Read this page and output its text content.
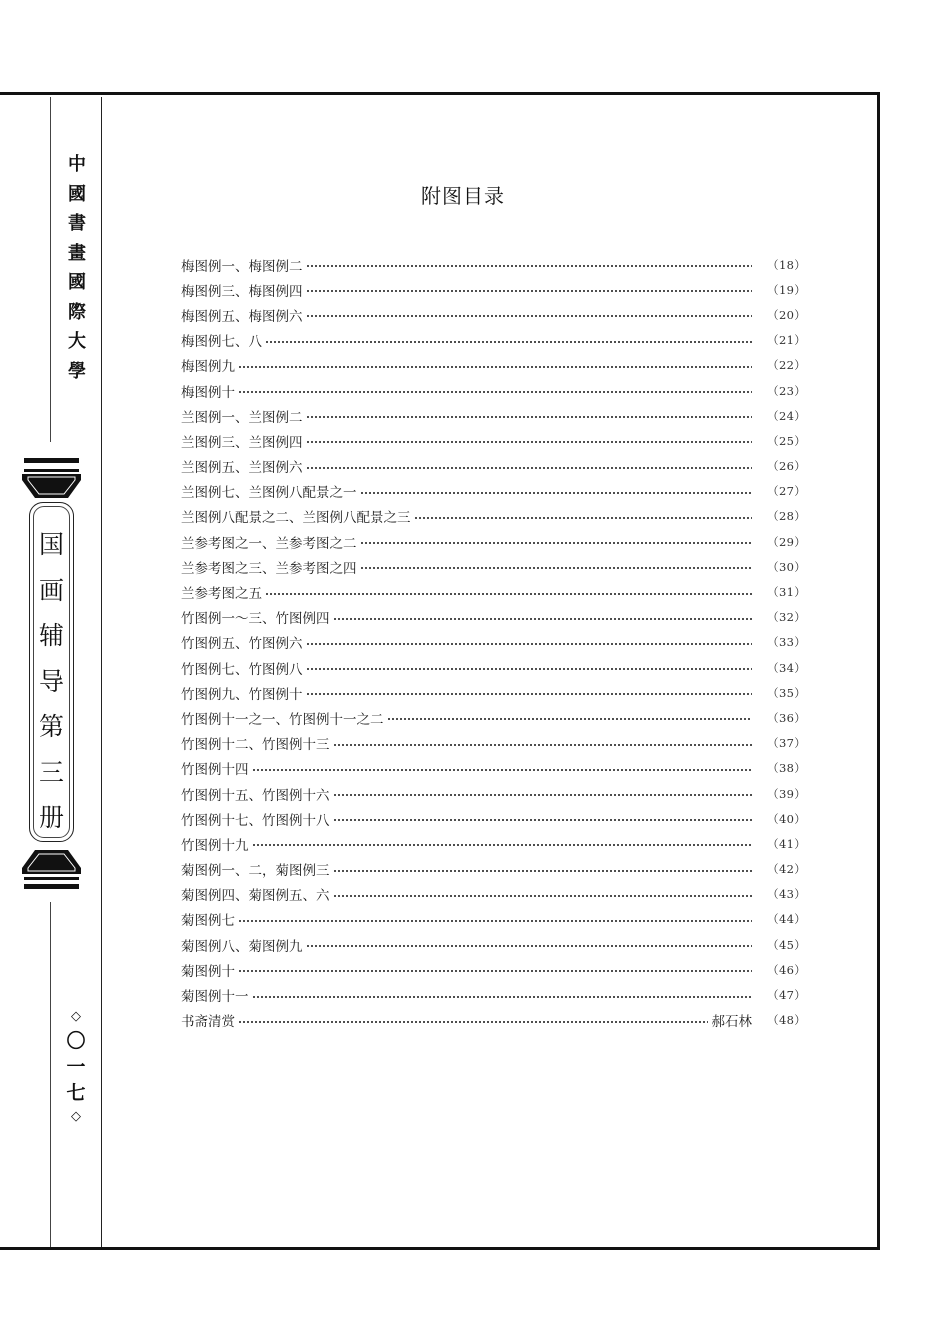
中
國
書
畫
國
際
大
學
国
画
辅
导
第
三
册
◇
〇
一
七
◇
附图目录
梅图例一、梅图例二	（18）
梅图例三、梅图例四	（19）
梅图例五、梅图例六	（20）
梅图例七、八	（21）
梅图例九	（22）
梅图例十	（23）
兰图例一、兰图例二	（24）
兰图例三、兰图例四	（25）
兰图例五、兰图例六	（26）
兰图例七、兰图例八配景之一	（27）
兰图例八配景之二、兰图例八配景之三	（28）
兰参考图之一、兰参考图之二	（29）
兰参考图之三、兰参考图之四	（30）
兰参考图之五	（31）
竹图例一～三、竹图例四	（32）
竹图例五、竹图例六	（33）
竹图例七、竹图例八	（34）
竹图例九、竹图例十	（35）
竹图例十一之一、竹图例十一之二	（36）
竹图例十二、竹图例十三	（37）
竹图例十四	（38）
竹图例十五、竹图例十六	（39）
竹图例十七、竹图例十八	（40）
竹图例十九	（41）
菊图例一、二，菊图例三	（42）
菊图例四、菊图例五、六	（43）
菊图例七	（44）
菊图例八、菊图例九	（45）
菊图例十	（46）
菊图例十一	（47）
书斋清赏	郝石林	（48）
